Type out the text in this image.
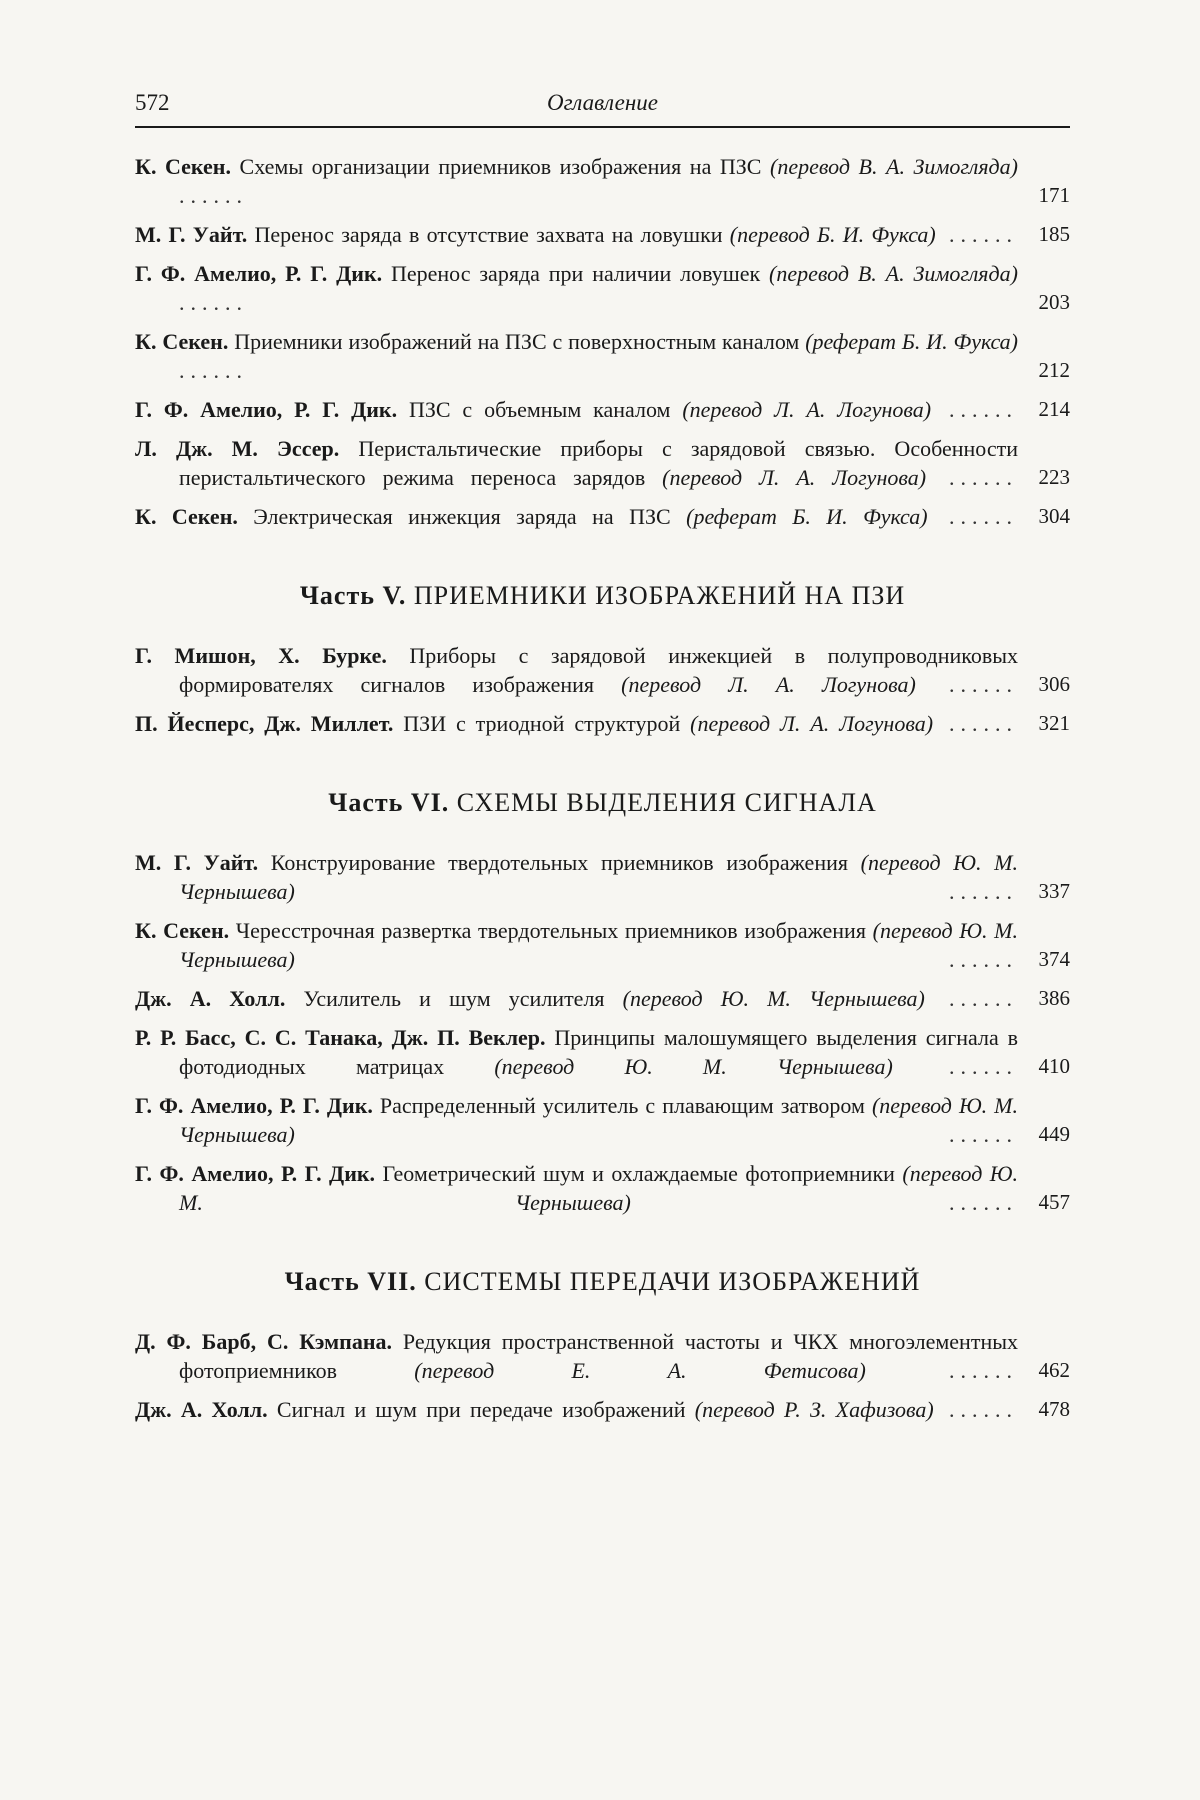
572	Оглавление
К. Секен. Схемы организации приемников изображения на ПЗС (перевод В. А. Зимогляда) ......	171
М. Г. Уайт. Перенос заряда в отсутствие захвата на ловушки (перевод Б. И. Фукса) ...... 185
Г. Ф. Амелио, Р. Г. Дик. Перенос заряда при наличии ловушек (перевод В. А. Зимогляда) ......	203
К. Секен. Приемники изображений на ПЗС с поверхностным каналом (реферат Б. И. Фукса) ......	212
Г. Ф. Амелио, Р. Г. Дик. ПЗС с объемным каналом (перевод Л. А. Логунова) ...... 214
Л. Дж. М. Эссер. Перистальтические приборы с зарядовой связью. Особенности перистальтического режима переноса зарядов (перевод Л. А. Логунова) ...... 223
К. Секен. Электрическая инжекция заряда на ПЗС (реферат Б. И. Фукса) ...... 304
Часть V. ПРИЕМНИКИ ИЗОБРАЖЕНИЙ НА ПЗИ
Г. Мишон, Х. Бурке. Приборы с зарядовой инжекцией в полупроводниковых формирователях сигналов изображения (перевод Л. А. Логунова) ...... 306
П. Йесперс, Дж. Миллет. ПЗИ с триодной структурой (перевод Л. А. Логунова) ...... 321
Часть VI. СХЕМЫ ВЫДЕЛЕНИЯ СИГНАЛА
М. Г. Уайт. Конструирование твердотельных приемников изображения (перевод Ю. М. Чернышева) ...... 337
К. Секен. Чересстрочная развертка твердотельных приемников изображения (перевод Ю. М. Чернышева) ...... 374
Дж. А. Холл. Усилитель и шум усилителя (перевод Ю. М. Чернышева) ...... 386
Р. Р. Басс, С. С. Танака, Дж. П. Веклер. Принципы малошумящего выделения сигнала в фотодиодных матрицах (перевод Ю. М. Чернышева) ...... 410
Г. Ф. Амелио, Р. Г. Дик. Распределенный усилитель с плавающим затвором (перевод Ю. М. Чернышева) ...... 449
Г. Ф. Амелио, Р. Г. Дик. Геометрический шум и охлаждаемые фотоприемники (перевод Ю. М. Чернышева) ...... 457
Часть VII. СИСТЕМЫ ПЕРЕДАЧИ ИЗОБРАЖЕНИЙ
Д. Ф. Барб, С. Кэмпана. Редукция пространственной частоты и ЧКХ многоэлементных фотоприемников (перевод Е. А. Фетисова) ...... 462
Дж. А. Холл. Сигнал и шум при передаче изображений (перевод Р. З. Хафизова) ...... 478
